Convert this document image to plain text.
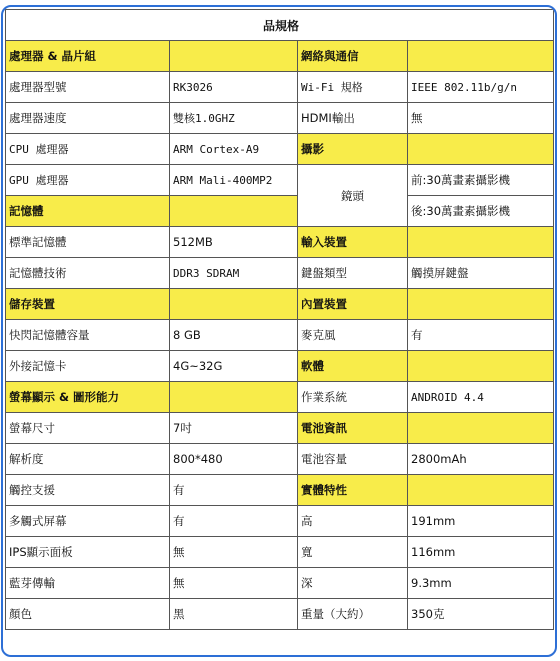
品規格			
處理器 & 晶片組		網絡與通信	
處理器型號	RK3026	Wi-Fi 規格	IEEE 802.11b/g/n
處理器速度	雙核1.0GHZ	HDMI輸出	無
CPU 處理器	ARM Cortex-A9	攝影	
GPU 處理器	ARM Mali-400MP2	鏡頭	前:30萬畫素攝影機
記憶體			後:30萬畫素攝影機
標準記憶體	512MB	輸入裝置	
記憶體技術	DDR3 SDRAM	鍵盤類型	觸摸屏鍵盤
儲存裝置		內置裝置	
快閃記憶體容量	8 GB	麥克風	有
外接記憶卡	4G~32G	軟體	
螢幕顯示 & 圖形能力		作業系統	ANDROID 4.4
螢幕尺寸	7吋	電池資訊	
解析度	800*480	電池容量	2800mAh
觸控支援	有	實體特性	
多觸式屏幕	有	高	191mm
IPS顯示面板	無	寬	116mm
藍芽傳輸	無	深	9.3mm
顏色	黑	重量（大約）	350克
